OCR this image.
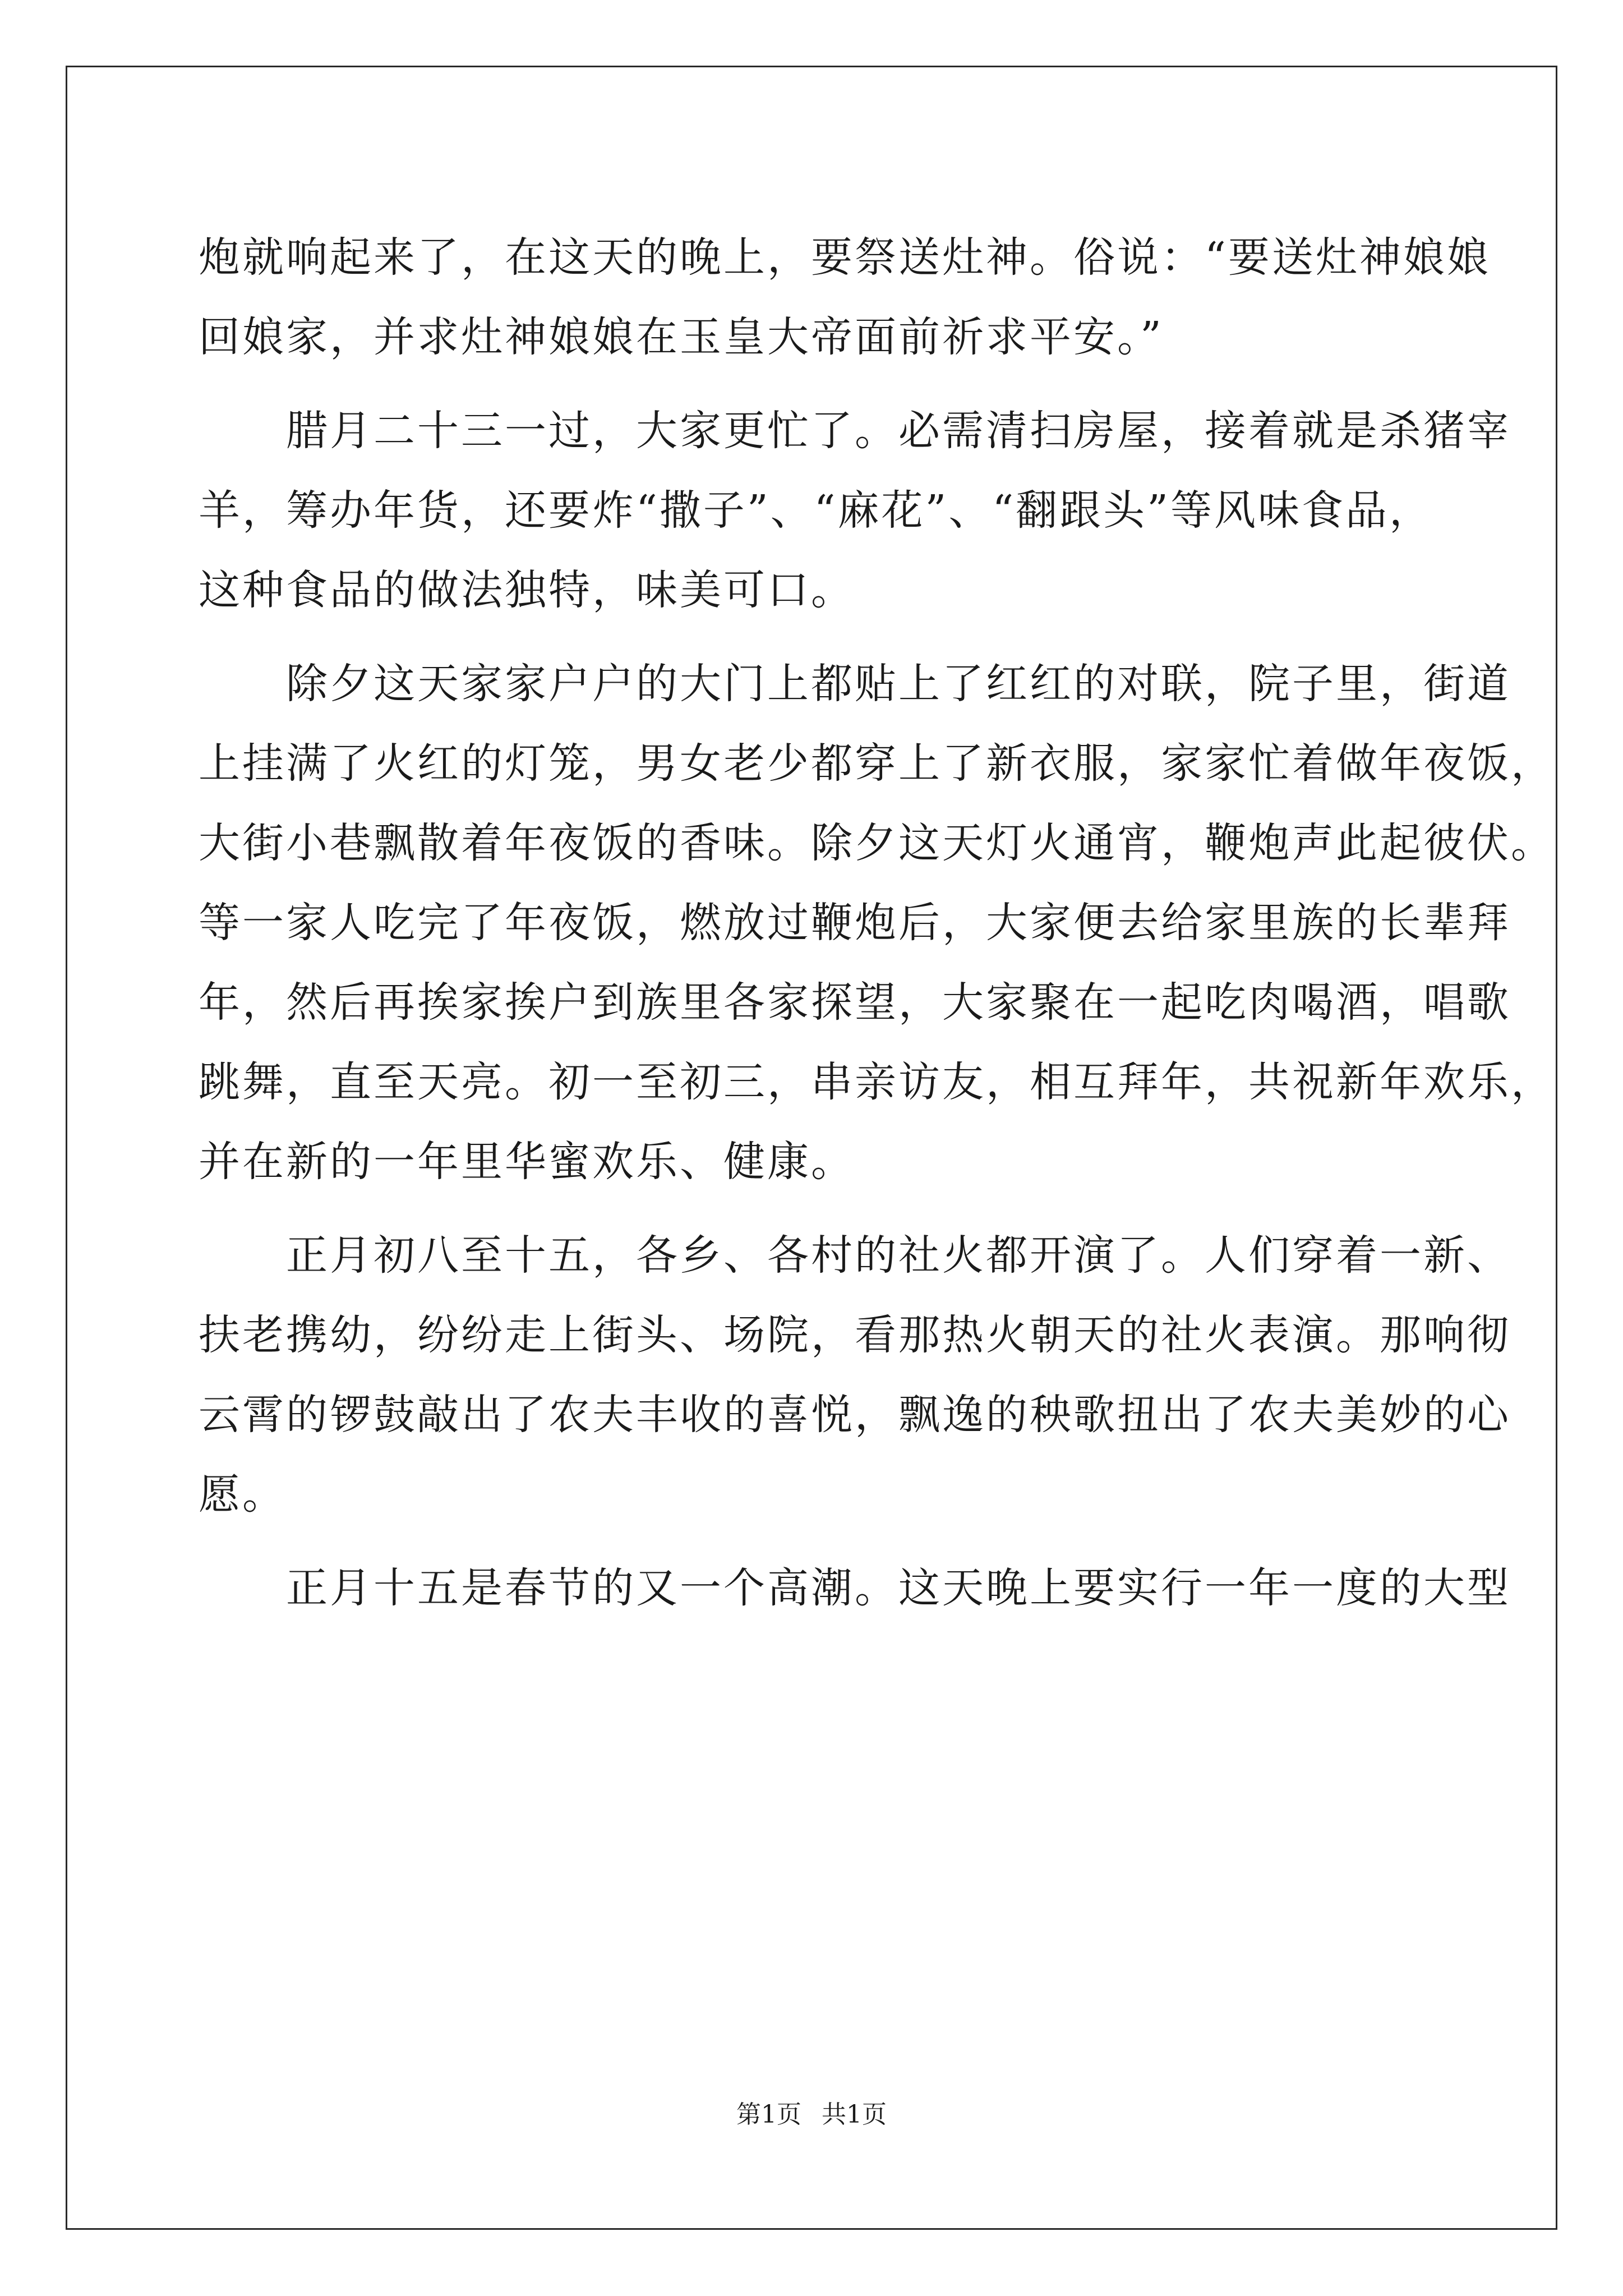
炮就响起来了，在这天的晚上，要祭送灶神。俗说：“要送灶神娘娘
回娘家，并求灶神娘娘在玉皇大帝面前祈求平安。”
　　腊月二十三一过，大家更忙了。必需清扫房屋，接着就是杀猪宰
羊，筹办年货，还要炸“撒子”、“麻花”、“翻跟头”等风味食品，
这种食品的做法独特，味美可口。
　　除夕这天家家户户的大门上都贴上了红红的对联，院子里，街道
上挂满了火红的灯笼，男女老少都穿上了新衣服，家家忙着做年夜饭，
大街小巷飘散着年夜饭的香味。除夕这天灯火通宵，鞭炮声此起彼伏。
等一家人吃完了年夜饭，燃放过鞭炮后，大家便去给家里族的长辈拜
年，然后再挨家挨户到族里各家探望，大家聚在一起吃肉喝酒，唱歌
跳舞，直至天亮。初一至初三，串亲访友，相互拜年，共祝新年欢乐，
并在新的一年里华蜜欢乐、健康。
　　正月初八至十五，各乡、各村的社火都开演了。人们穿着一新、
扶老携幼，纷纷走上街头、场院，看那热火朝天的社火表演。那响彻
云霄的锣鼓敲出了农夫丰收的喜悦，飘逸的秧歌扭出了农夫美妙的心
愿。
　　正月十五是春节的又一个高潮。这天晚上要实行一年一度的大型
第1页 共1页
